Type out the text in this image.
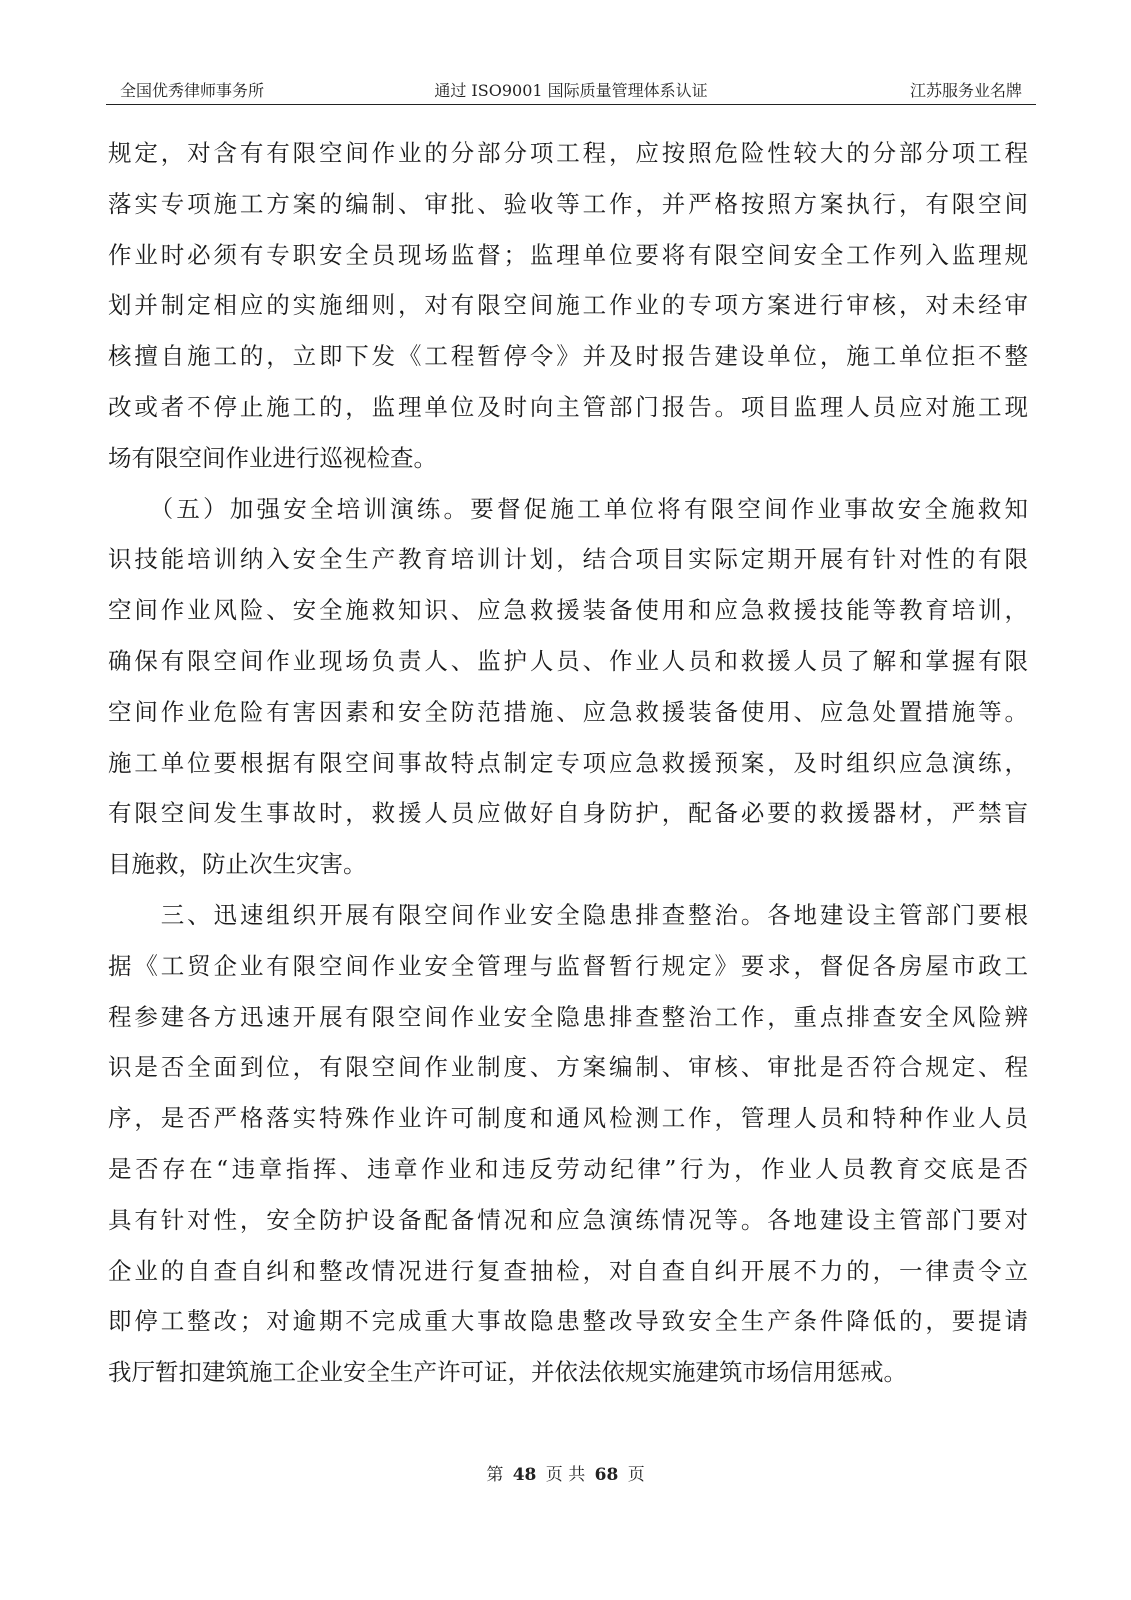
全国优秀律师事务所	通过 ISO9001 国际质量管理体系认证	江苏服务业名牌
规定，对含有有限空间作业的分部分项工程，应按照危险性较大的分部分项工程
落实专项施工方案的编制、审批、验收等工作，并严格按照方案执行，有限空间
作业时必须有专职安全员现场监督；监理单位要将有限空间安全工作列入监理规
划并制定相应的实施细则，对有限空间施工作业的专项方案进行审核，对未经审
核擅自施工的，立即下发《工程暂停令》并及时报告建设单位，施工单位拒不整
改或者不停止施工的，监理单位及时向主管部门报告。项目监理人员应对施工现
场有限空间作业进行巡视检查。
　　（五）加强安全培训演练。要督促施工单位将有限空间作业事故安全施救知
识技能培训纳入安全生产教育培训计划，结合项目实际定期开展有针对性的有限
空间作业风险、安全施救知识、应急救援装备使用和应急救援技能等教育培训，
确保有限空间作业现场负责人、监护人员、作业人员和救援人员了解和掌握有限
空间作业危险有害因素和安全防范措施、应急救援装备使用、应急处置措施等。
施工单位要根据有限空间事故特点制定专项应急救援预案，及时组织应急演练，
有限空间发生事故时，救援人员应做好自身防护，配备必要的救援器材，严禁盲
目施救，防止次生灾害。
　　三、迅速组织开展有限空间作业安全隐患排查整治。各地建设主管部门要根
据《工贸企业有限空间作业安全管理与监督暂行规定》要求，督促各房屋市政工
程参建各方迅速开展有限空间作业安全隐患排查整治工作，重点排查安全风险辨
识是否全面到位，有限空间作业制度、方案编制、审核、审批是否符合规定、程
序，是否严格落实特殊作业许可制度和通风检测工作，管理人员和特种作业人员
是否存在“违章指挥、违章作业和违反劳动纪律”行为，作业人员教育交底是否
具有针对性，安全防护设备配备情况和应急演练情况等。各地建设主管部门要对
企业的自查自纠和整改情况进行复查抽检，对自查自纠开展不力的，一律责令立
即停工整改；对逾期不完成重大事故隐患整改导致安全生产条件降低的，要提请
我厅暂扣建筑施工企业安全生产许可证，并依法依规实施建筑市场信用惩戒。
第 48 页 共 68 页
